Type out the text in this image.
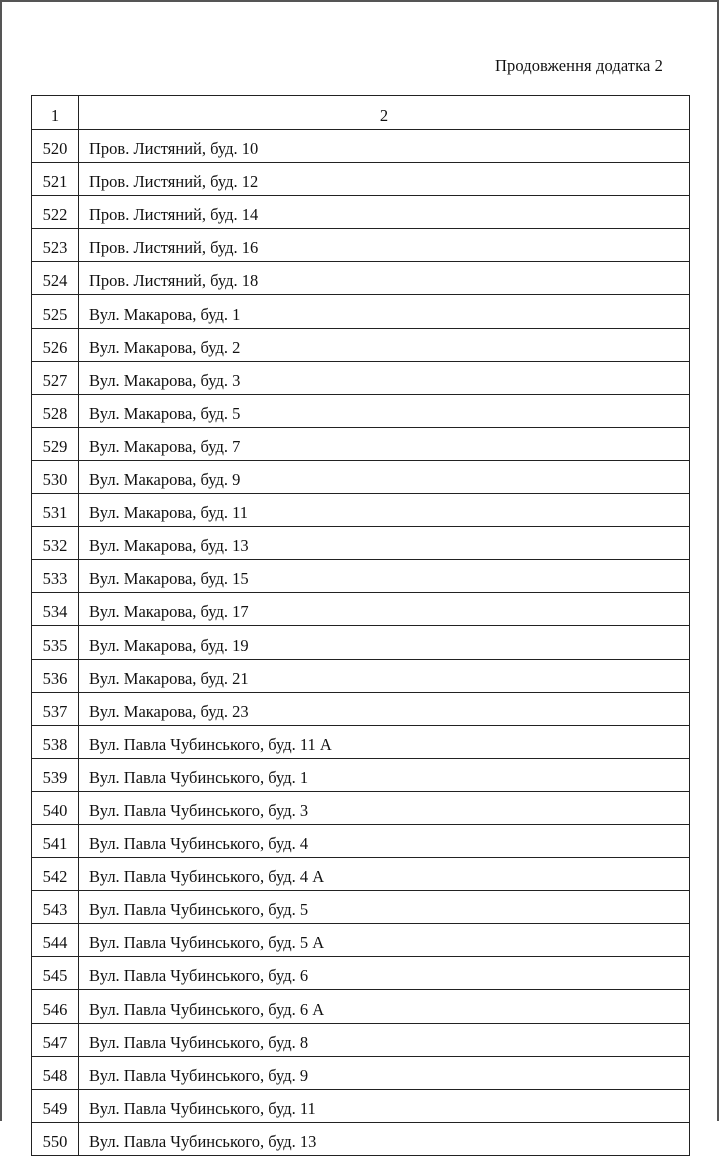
Продовження додатка 2
1	2
520	Пров. Листяний, буд. 10
521	Пров. Листяний, буд. 12
522	Пров. Листяний, буд. 14
523	Пров. Листяний, буд. 16
524	Пров. Листяний, буд. 18
525	Вул. Макарова, буд. 1
526	Вул. Макарова, буд. 2
527	Вул. Макарова, буд. 3
528	Вул. Макарова, буд. 5
529	Вул. Макарова, буд. 7
530	Вул. Макарова, буд. 9
531	Вул. Макарова, буд. 11
532	Вул. Макарова, буд. 13
533	Вул. Макарова, буд. 15
534	Вул. Макарова, буд. 17
535	Вул. Макарова, буд. 19
536	Вул. Макарова, буд. 21
537	Вул. Макарова, буд. 23
538	Вул. Павла Чубинського, буд. 11 А
539	Вул. Павла Чубинського, буд. 1
540	Вул. Павла Чубинського, буд. 3
541	Вул. Павла Чубинського, буд. 4
542	Вул. Павла Чубинського, буд. 4 А
543	Вул. Павла Чубинського, буд. 5
544	Вул. Павла Чубинського, буд. 5 А
545	Вул. Павла Чубинського, буд. 6
546	Вул. Павла Чубинського, буд. 6 А
547	Вул. Павла Чубинського, буд. 8
548	Вул. Павла Чубинського, буд. 9
549	Вул. Павла Чубинського, буд. 11
550	Вул. Павла Чубинського, буд. 13
